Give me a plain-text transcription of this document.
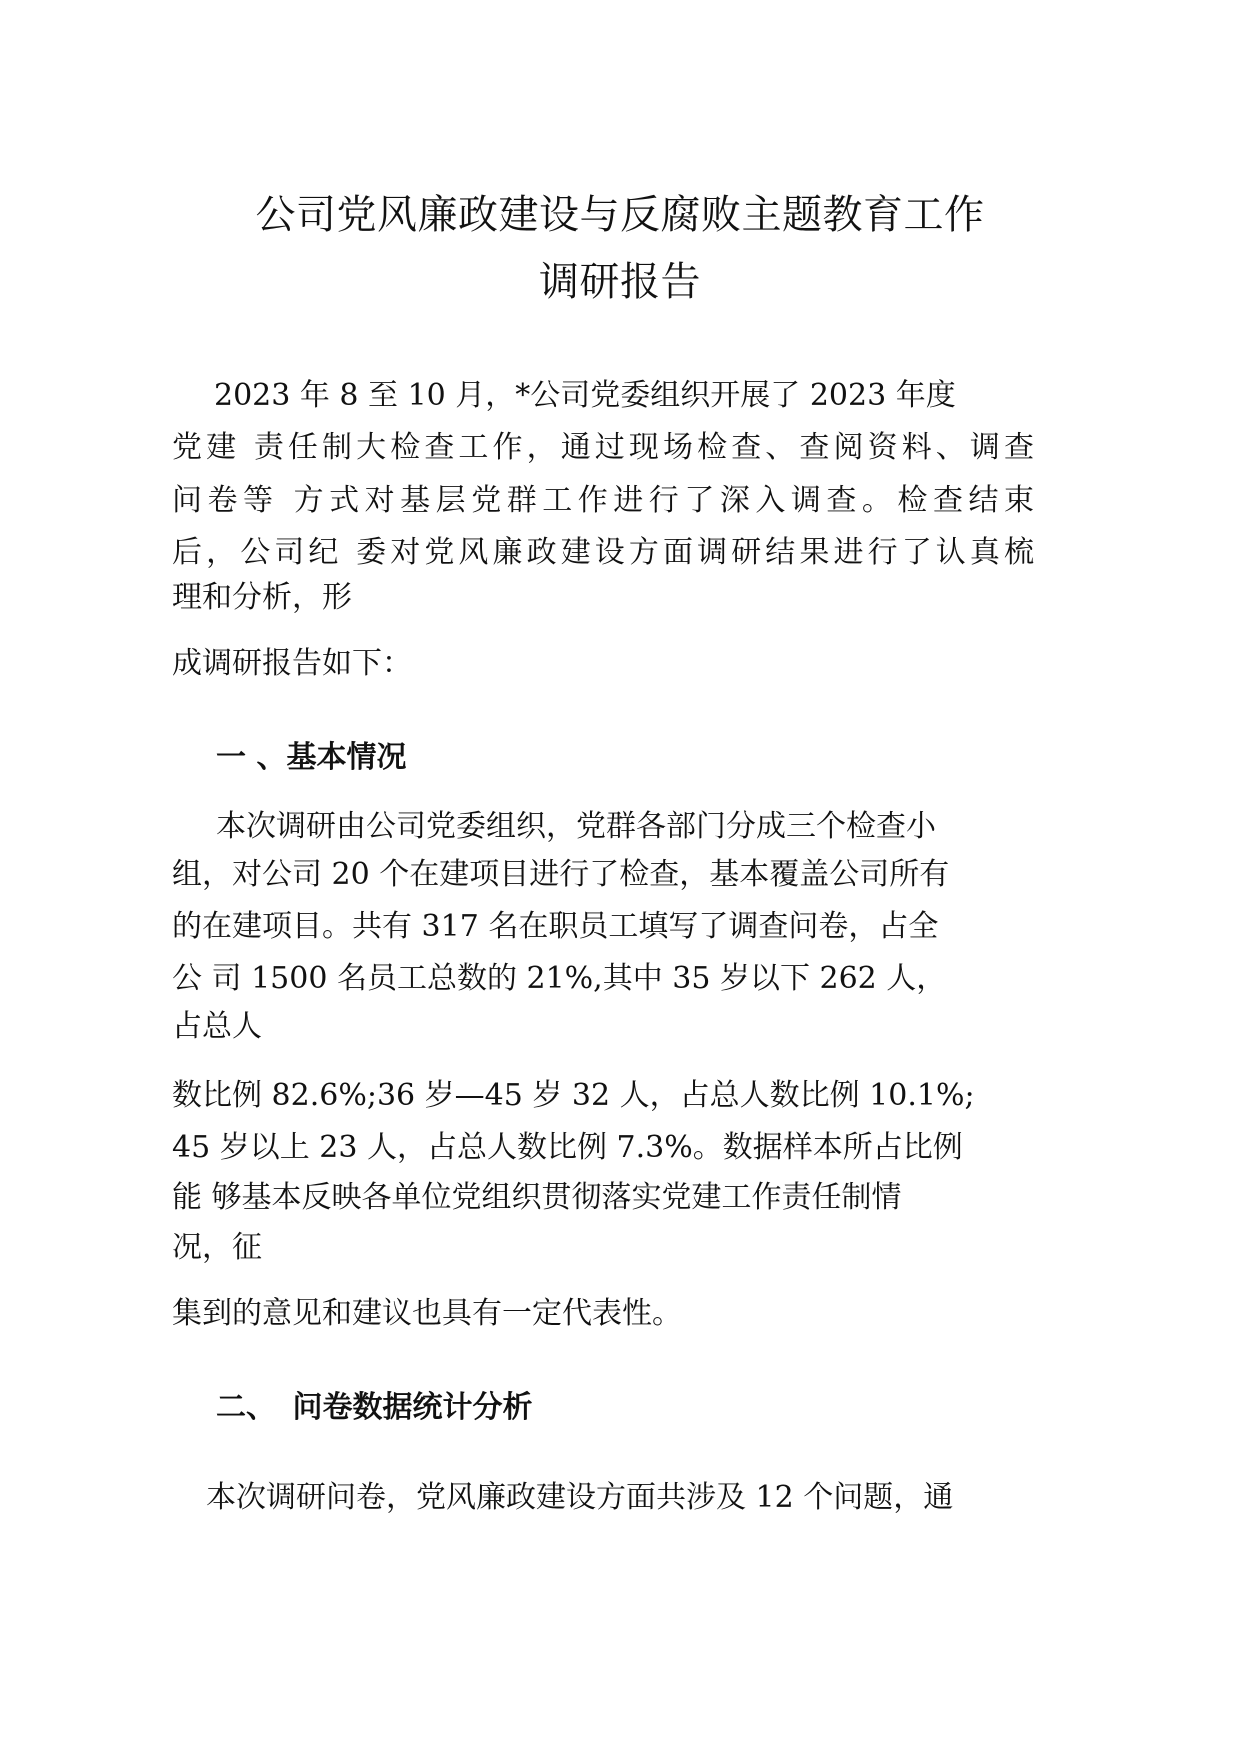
公司党风廉政建设与反腐败主题教育工作
调研报告
2023 年 8 至 10 月，*公司党委组织开展了 2023 年度
党建 责任制大检查工作，通过现场检查、查阅资料、调查
问卷等 方式对基层党群工作进行了深入调查。检查结束
后，公司纪 委对党风廉政建设方面调研结果进行了认真梳
理和分析，形
成调研报告如下：
一 、基本情况
本次调研由公司党委组织，党群各部门分成三个检查小
组，对公司 20 个在建项目进行了检查，基本覆盖公司所有
的在建项目。共有 317 名在职员工填写了调查问卷，占全
公 司 1500 名员工总数的 21%,其中 35 岁以下 262 人，
占总人
数比例 82.6%;36 岁—45 岁 32 人，占总人数比例 10.1%;
45 岁以上 23 人，占总人数比例 7.3%。数据样本所占比例
能 够基本反映各单位党组织贯彻落实党建工作责任制情
况，征
集到的意见和建议也具有一定代表性。
二、 问卷数据统计分析
本次调研问卷，党风廉政建设方面共涉及 12 个问题，通
